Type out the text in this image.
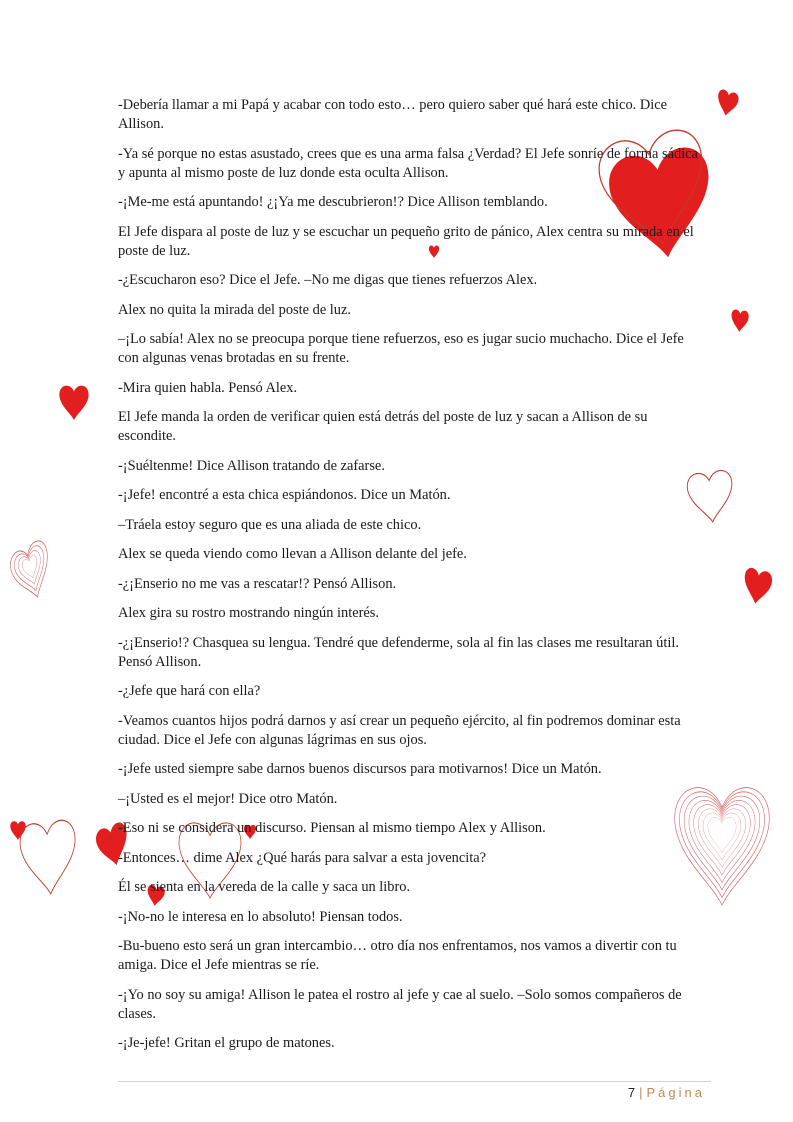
-Debería llamar a mi Papá y acabar con todo esto… pero quiero saber qué hará este chico. Dice Allison.

-Ya sé porque no estas asustado, crees que es una arma falsa ¿Verdad? El Jefe sonríe de forma sádica y apunta al mismo poste de luz donde esta oculta Allison.

-¡Me-me está apuntando! ¿¡Ya me descubrieron!? Dice Allison temblando.

El Jefe dispara al poste de luz y se escuchar un pequeño grito de pánico, Alex centra su mirada en el poste de luz.

-¿Escucharon eso? Dice el Jefe. –No me digas que tienes refuerzos Alex.

Alex no quita la mirada del poste de luz.

–¡Lo sabía! Alex no se preocupa porque tiene refuerzos, eso es jugar sucio muchacho. Dice el Jefe con algunas venas brotadas en su frente.

-Mira quien habla. Pensó Alex.

El Jefe manda la orden de verificar quien está detrás del poste de luz y sacan a Allison de su escondite.

-¡Suéltenme! Dice Allison tratando de zafarse.

-¡Jefe! encontré a esta chica espiándonos. Dice un Matón.

–Tráela estoy seguro que es una aliada de este chico.

Alex se queda viendo como llevan a Allison delante del jefe.

-¿¡Enserio no me vas a rescatar!? Pensó Allison.

Alex gira su rostro mostrando ningún interés.

-¿¡Enserio!? Chasquea su lengua. Tendré que defenderme, sola al fin las clases me resultaran útil. Pensó Allison.

-¿Jefe que hará con ella?

-Veamos cuantos hijos podrá darnos y así crear un pequeño ejército, al fin podremos dominar esta ciudad. Dice el Jefe con algunas lágrimas en sus ojos.

-¡Jefe usted siempre sabe darnos buenos discursos para motivarnos! Dice un Matón.

–¡Usted es el mejor! Dice otro Matón.

-Eso ni se considera un discurso. Piensan al mismo tiempo Alex y Allison.

-Entonces… dime Alex ¿Qué harás para salvar a esta jovencita?

Él se sienta en la vereda de la calle y saca un libro.

-¡No-no le interesa en lo absoluto! Piensan todos.

-Bu-bueno esto será un gran intercambio… otro día nos enfrentamos, nos vamos a divertir con tu amiga. Dice el Jefe mientras se ríe.

-¡Yo no soy su amiga! Allison le patea el rostro al jefe y cae al suelo. –Solo somos compañeros de clases.

-¡Je-jefe! Gritan el grupo de matones.

7 | Página
